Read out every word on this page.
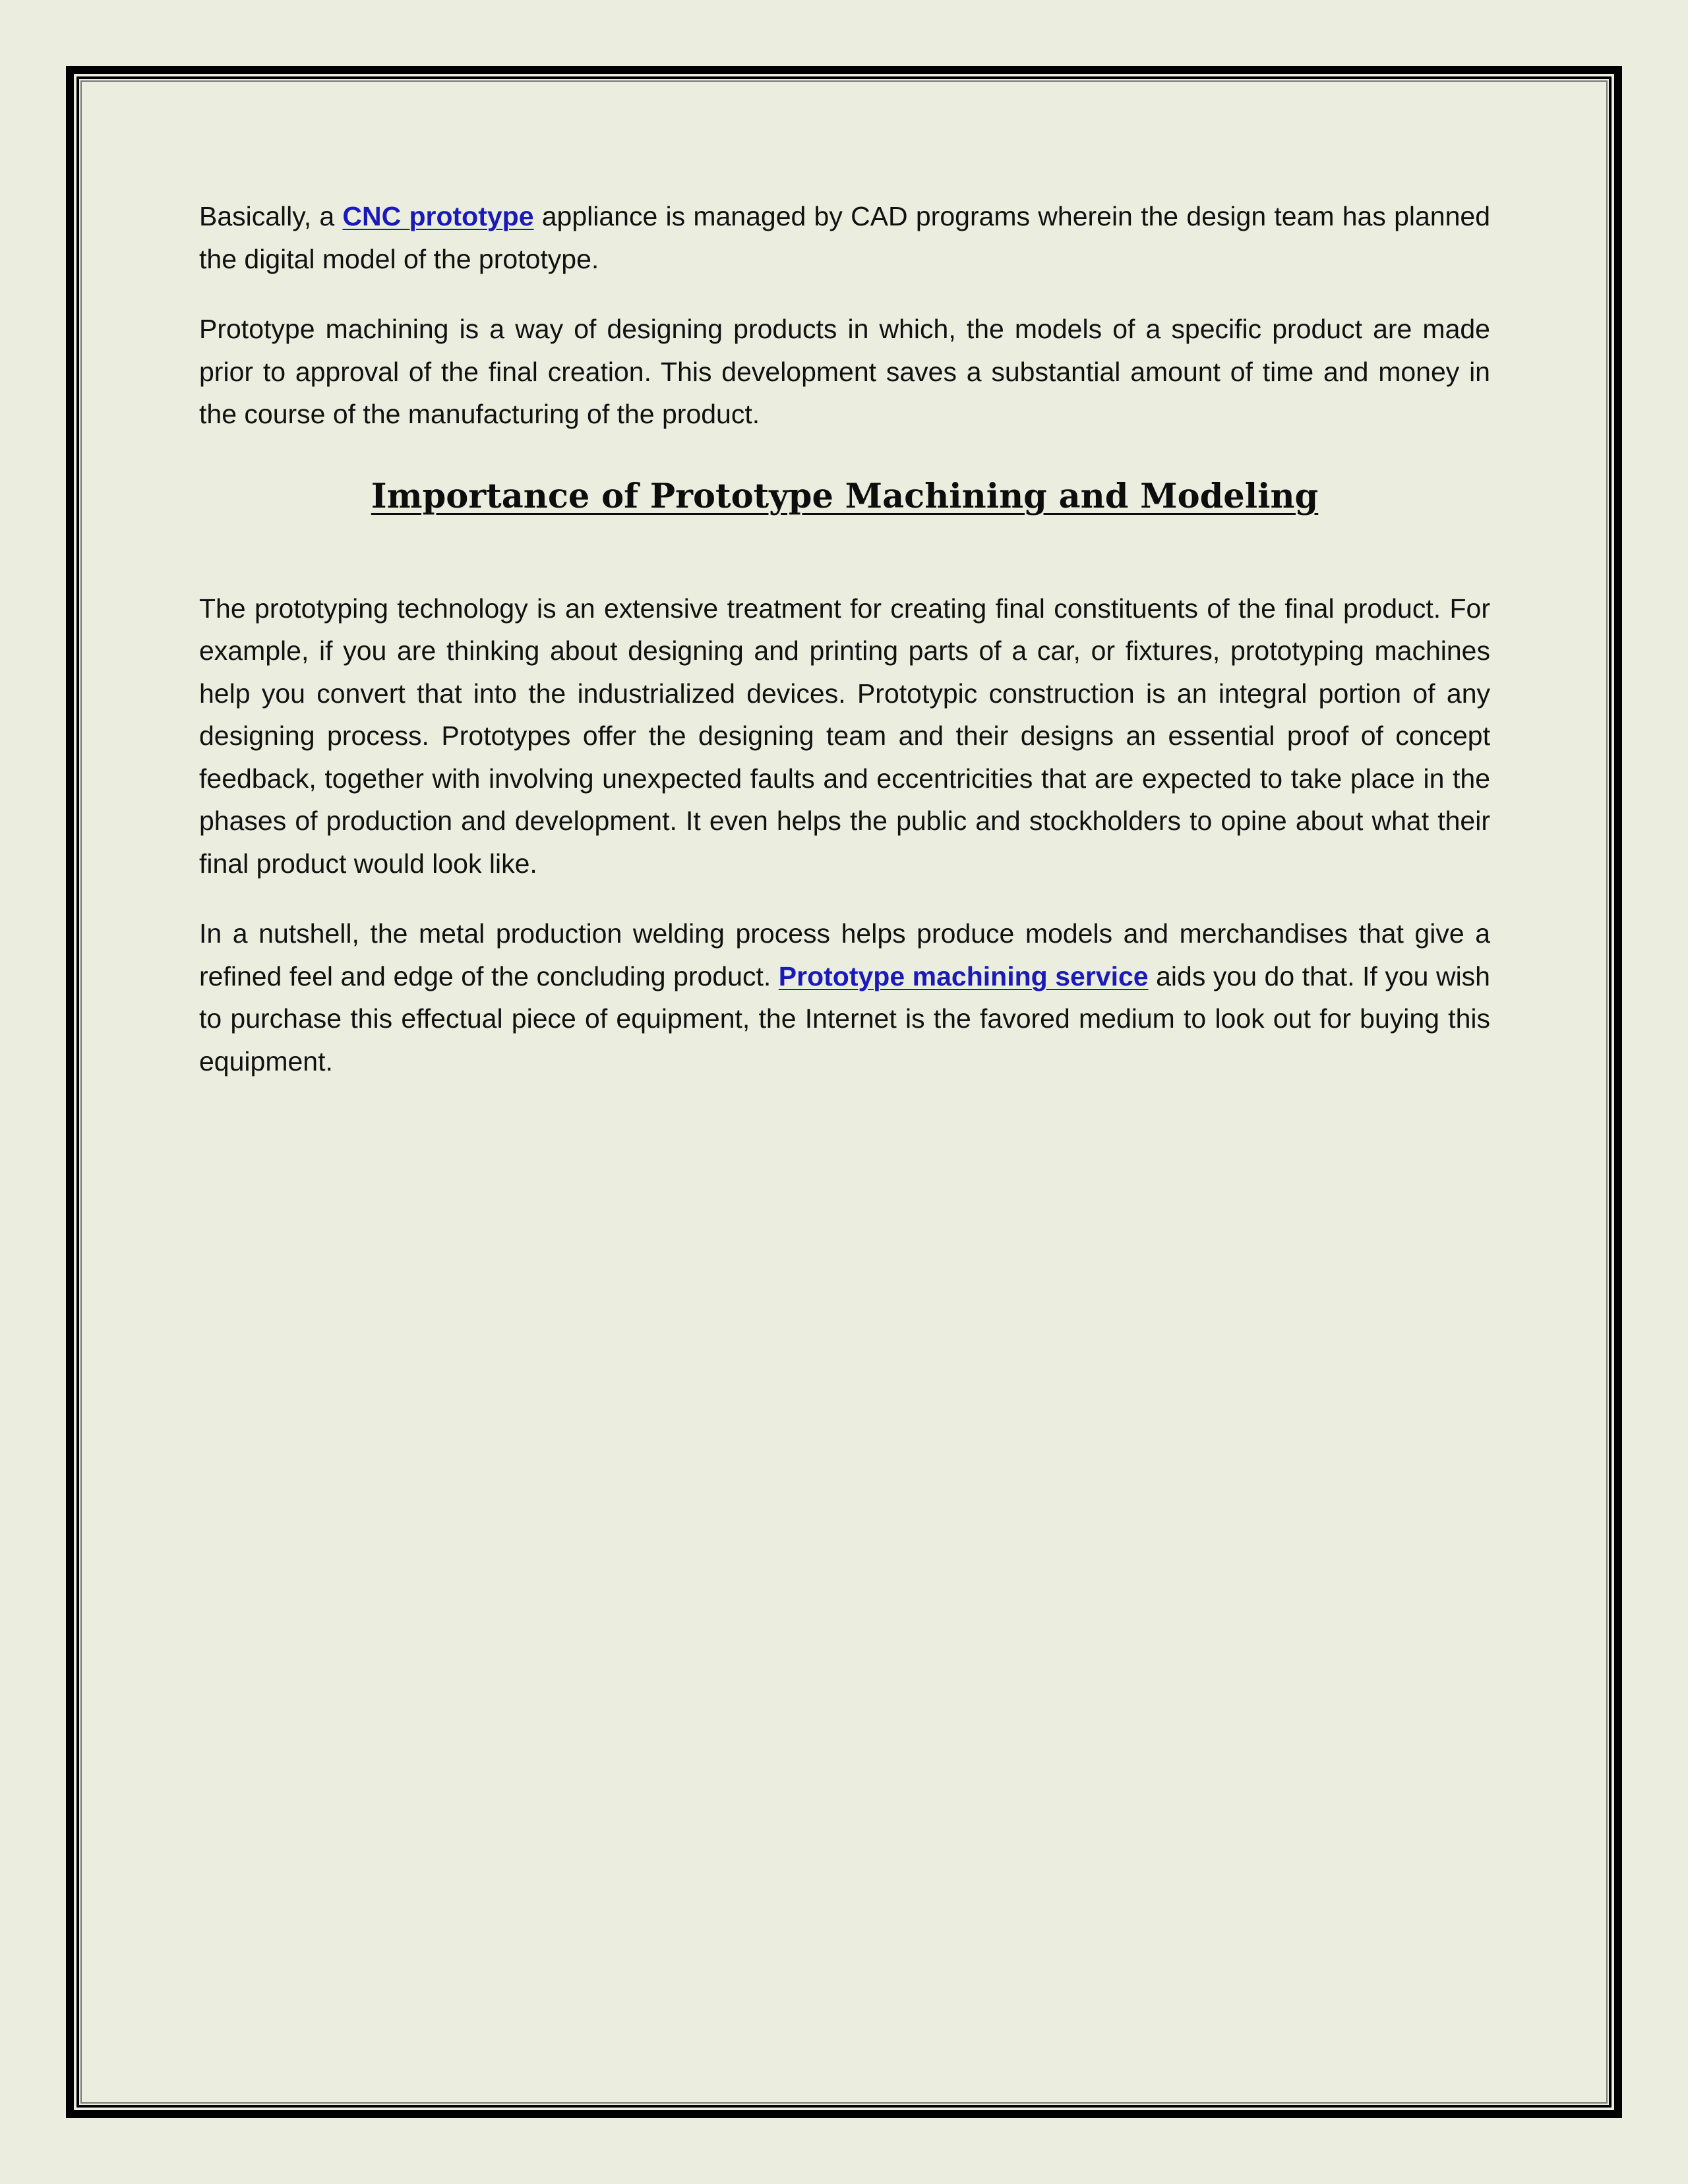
Basically, a CNC prototype appliance is managed by CAD programs wherein the design team has planned the digital model of the prototype.

Prototype machining is a way of designing products in which, the models of a specific product are made prior to approval of the final creation. This development saves a substantial amount of time and money in the course of the manufacturing of the product.

Importance of Prototype Machining and Modeling

The prototyping technology is an extensive treatment for creating final constituents of the final product. For example, if you are thinking about designing and printing parts of a car, or fixtures, prototyping machines help you convert that into the industrialized devices. Prototypic construction is an integral portion of any designing process. Prototypes offer the designing team and their designs an essential proof of concept feedback, together with involving unexpected faults and eccentricities that are expected to take place in the phases of production and development. It even helps the public and stockholders to opine about what their final product would look like.

In a nutshell, the metal production welding process helps produce models and merchandises that give a refined feel and edge of the concluding product. Prototype machining service aids you do that. If you wish to purchase this effectual piece of equipment, the Internet is the favored medium to look out for buying this equipment.
